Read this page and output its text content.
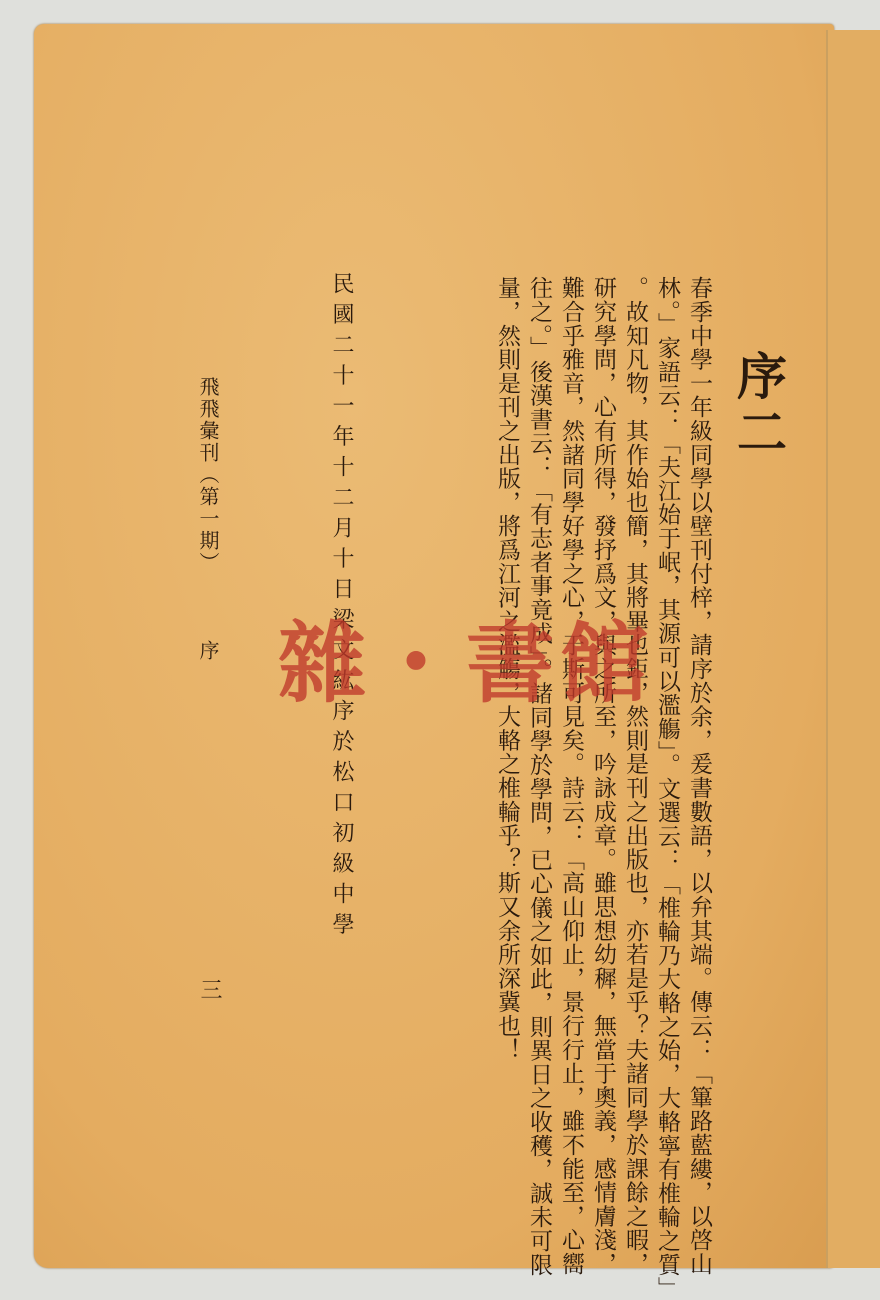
序二
春季中學一年級同學以壁刊付梓，請序於余，爰書數語，以弁其端。傳云：「篳路藍縷，以啓山
林。」家語云：「夫江始于岷，其源可以濫觴」。文選云：「椎輪乃大輅之始，大輅寧有椎輪之質」
。故知凡物，其作始也簡，其將畢也鉅，然則是刊之出版也，亦若是乎？夫諸同學於課餘之暇，
研究學問，心有所得，發抒爲文，與之所至，吟詠成章。雖思想幼穉，無當于奧義，感情膚淺，
難合乎雅音，然諸同學好學之心，于斯可見矣。詩云：「高山仰止，景行行止，雖不能至，心嚮
往之。」後漢書云：「有志者事竟成」。諸同學於學問，已心儀之如此，則異日之收穫，誠未可限
量，然則是刊之出版，將爲江河之濫觴，大輅之椎輪乎？斯又余所深冀也！
民國二十一年十二月十日梁文紘序於松口初級中學
飛飛彙刊（第一期）
序
三
雜・書館
